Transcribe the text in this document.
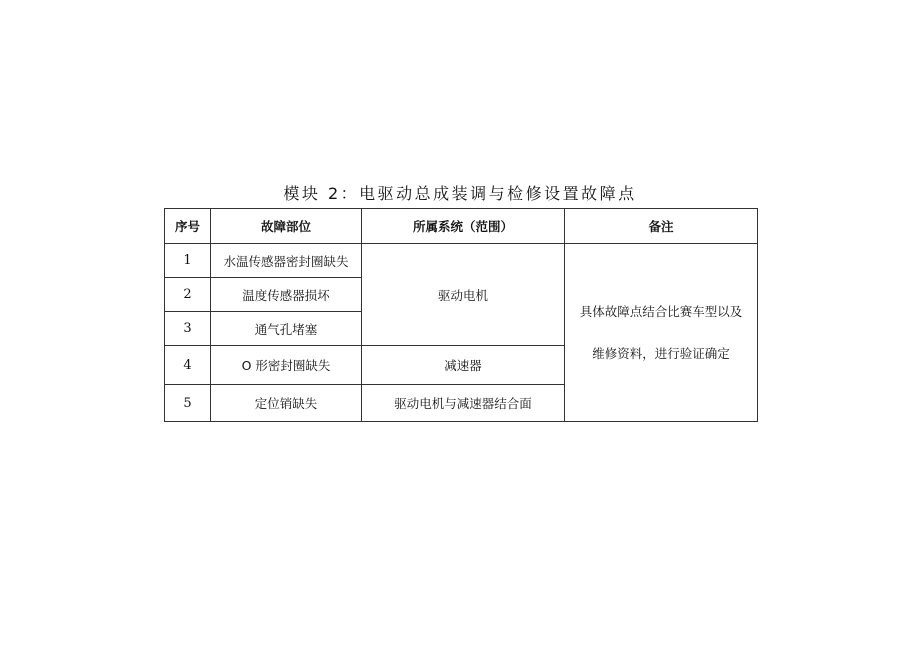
模块 2：电驱动总成装调与检修设置故障点
序号	故障部位	所属系统（范围）	备注
1	水温传感器密封圈缺失	驱动电机	具体故障点结合比赛车型以及
维修资料，进行验证确定

2	温度传感器损坏		
3	通气孔堵塞		
4	O 形密封圈缺失	减速器	
5	定位销缺失	驱动电机与减速器结合面	
